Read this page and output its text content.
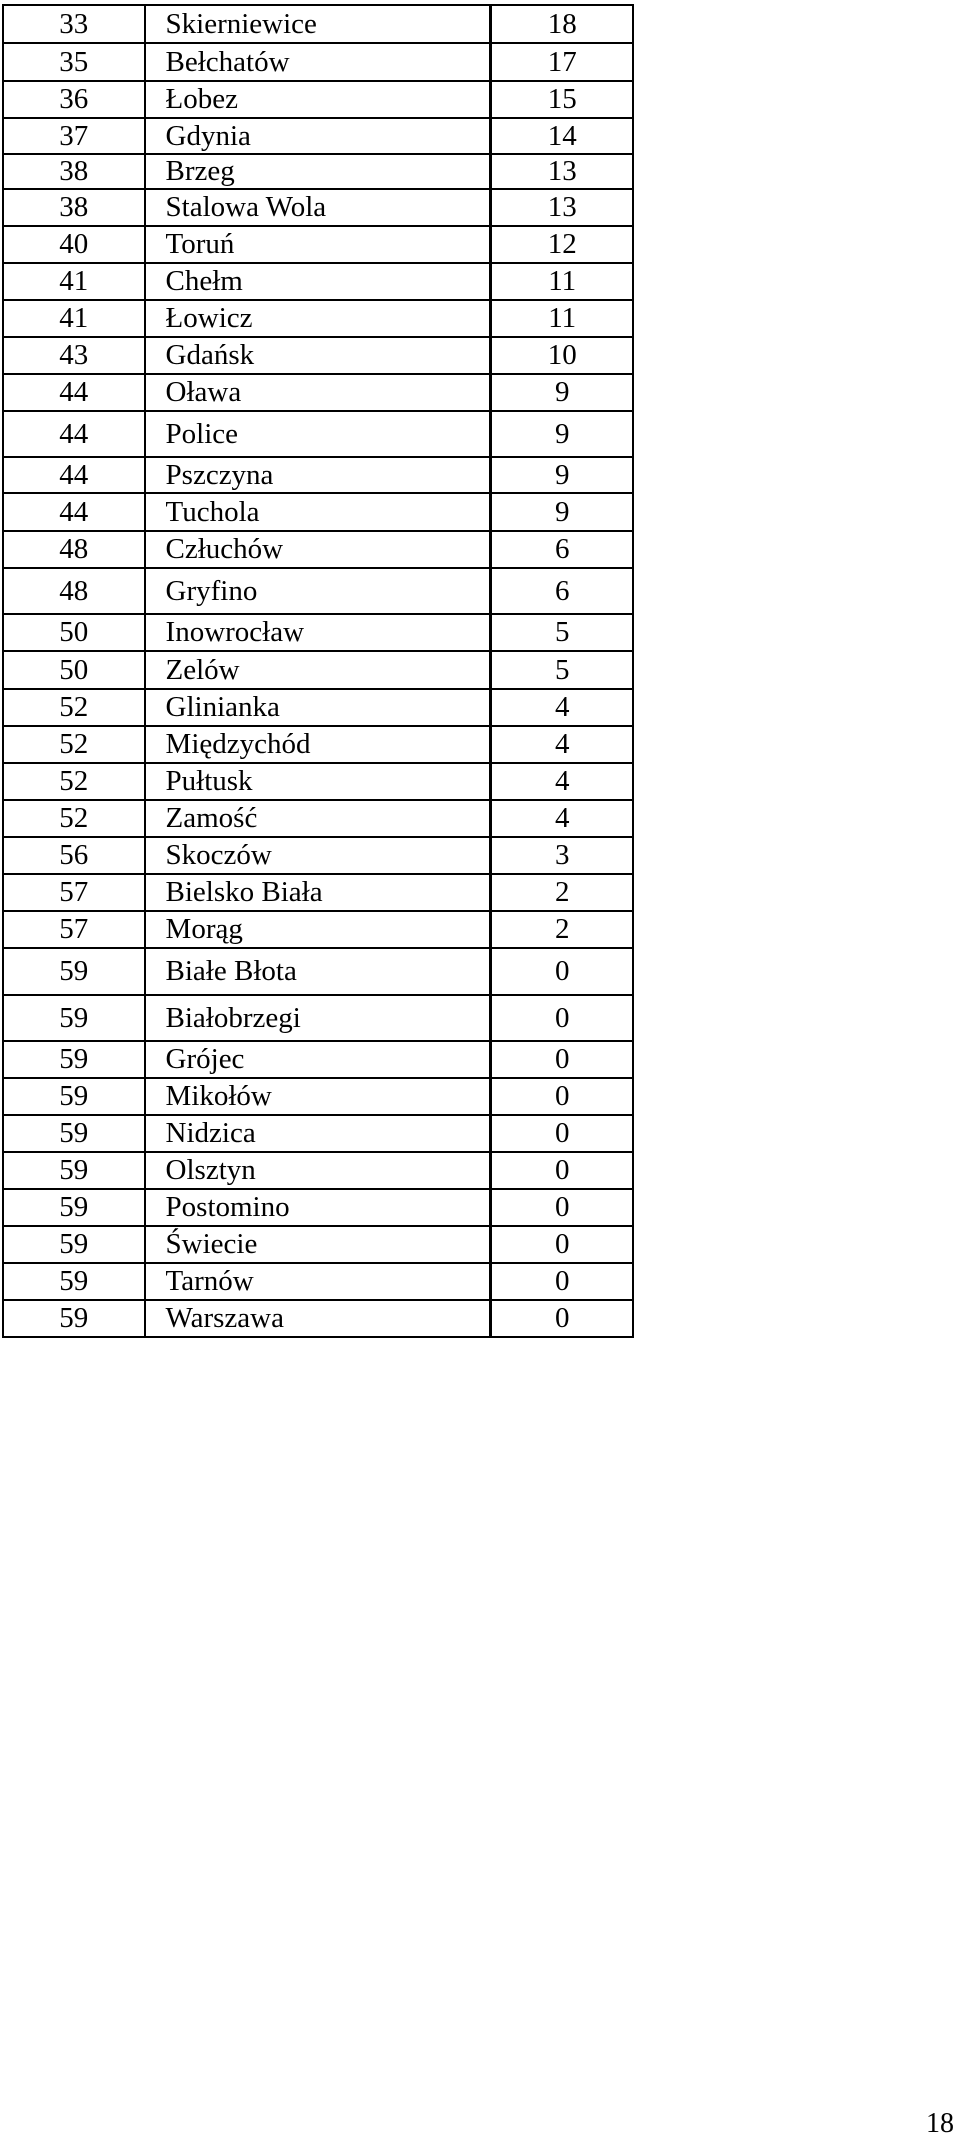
33	Skierniewice	18
35	Bełchatów	17
36	Łobez	15
37	Gdynia	14
38	Brzeg	13
38	Stalowa Wola	13
40	Toruń	12
41	Chełm	11
41	Łowicz	11
43	Gdańsk	10
44	Oława	9
44	Police	9
44	Pszczyna	9
44	Tuchola	9
48	Człuchów	6
48	Gryfino	6
50	Inowrocław	5
50	Zelów	5
52	Glinianka	4
52	Międzychód	4
52	Pułtusk	4
52	Zamość	4
56	Skoczów	3
57	Bielsko Biała	2
57	Morąg	2
59	Białe Błota	0
59	Białobrzegi	0
59	Grójec	0
59	Mikołów	0
59	Nidzica	0
59	Olsztyn	0
59	Postomino	0
59	Świecie	0
59	Tarnów	0
59	Warszawa	0
18
